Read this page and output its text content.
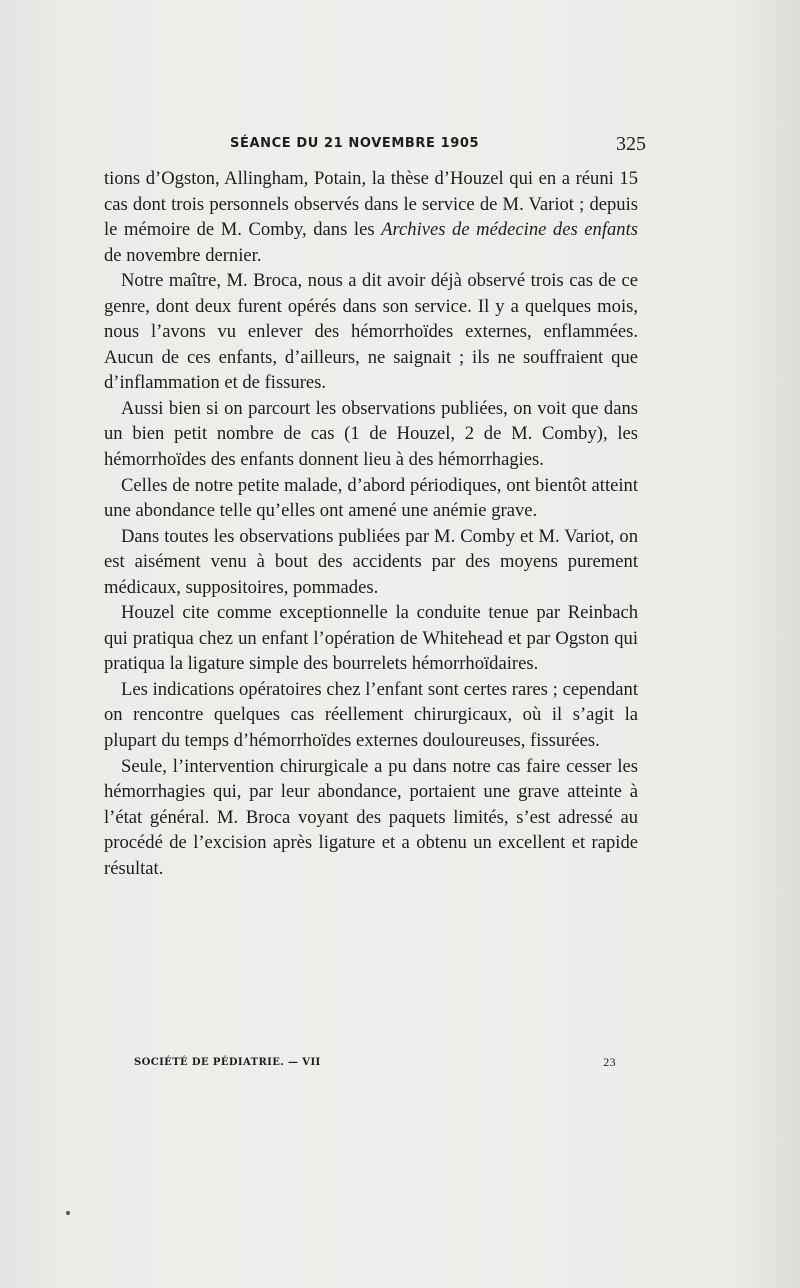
SÉANCE DU 21 NOVEMBRE 1905	325

tions d’Ogston, Allingham, Potain, la thèse d’Houzel qui en a réuni 15 cas dont trois personnels observés dans le service de M. Variot ; depuis le mémoire de M. Comby, dans les Archives de médecine des enfants de novembre dernier.

Notre maître, M. Broca, nous a dit avoir déjà observé trois cas de ce genre, dont deux furent opérés dans son service. Il y a quelques mois, nous l’avons vu enlever des hémorrhoïdes externes, enflammées. Aucun de ces enfants, d’ailleurs, ne saignait ; ils ne souffraient que d’inflammation et de fissures.

Aussi bien si on parcourt les observations publiées, on voit que dans un bien petit nombre de cas (1 de Houzel, 2 de M. Comby), les hémorrhoïdes des enfants donnent lieu à des hémorrhagies.

Celles de notre petite malade, d’abord périodiques, ont bientôt atteint une abondance telle qu’elles ont amené une anémie grave.

Dans toutes les observations publiées par M. Comby et M. Variot, on est aisément venu à bout des accidents par des moyens purement médicaux, suppositoires, pommades.

Houzel cite comme exceptionnelle la conduite tenue par Reinbach qui pratiqua chez un enfant l’opération de Whitehead et par Ogston qui pratiqua la ligature simple des bourrelets hémorrhoïdaires.

Les indications opératoires chez l’enfant sont certes rares ; cependant on rencontre quelques cas réellement chirurgicaux, où il s’agit la plupart du temps d’hémorrhoïdes externes douloureuses, fissurées.

Seule, l’intervention chirurgicale a pu dans notre cas faire cesser les hémorrhagies qui, par leur abondance, portaient une grave atteinte à l’état général. M. Broca voyant des paquets limités, s’est adressé au procédé de l’excision après ligature et a obtenu un excellent et rapide résultat.

SOCIÉTÉ DE PÉDIATRIE. — VII	23
